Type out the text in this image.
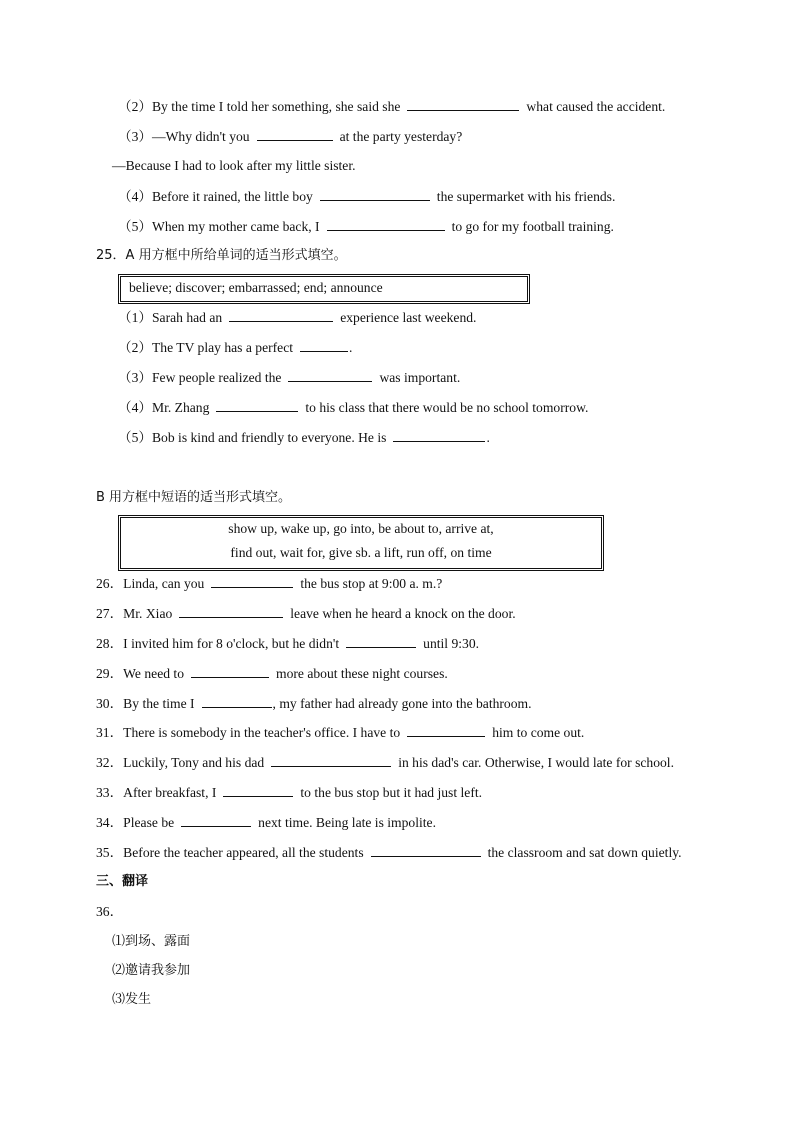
（2）By the time I told her something, she said she	what caused the accident.
（3）—Why didn't you	at the party yesterday?
—Because I had to look after my little sister.
（4）Before it rained, the little boy	the supermarket with his friends.
（5）When my mother came back, I	to go for my football training.
25．A 用方框中所给单词的适当形式填空。
believe; discover; embarrassed; end; announce
（1）Sarah had an	experience last weekend.
（2）The TV play has a perfect	.
（3）Few people realized the	was important.
（4）Mr. Zhang	to his class that there would be no school tomorrow.
（5）Bob is kind and friendly to everyone. He is	.
B 用方框中短语的适当形式填空。
show up, wake up, go into, be about to, arrive at,
find out, wait for, give sb. a lift, run off, on time
26．Linda, can you	the bus stop at 9:00 a. m.?
27．Mr. Xiao	leave when he heard a knock on the door.
28．I invited him for 8 o'clock, but he didn't	until 9:30.
29．We need to	more about these night courses.
30．By the time I	, my father had already gone into the bathroom.
31．There is somebody in the teacher's office. I have to	him to come out.
32．Luckily, Tony and his dad	in his dad's car. Otherwise, I would late for school.
33．After breakfast, I	to the bus stop but it had just left.
34．Please be	next time. Being late is impolite.
35．Before the teacher appeared, all the students	the classroom and sat down quietly.
三、翻译
36．
⑴到场、露面
⑵邀请我参加
⑶发生
